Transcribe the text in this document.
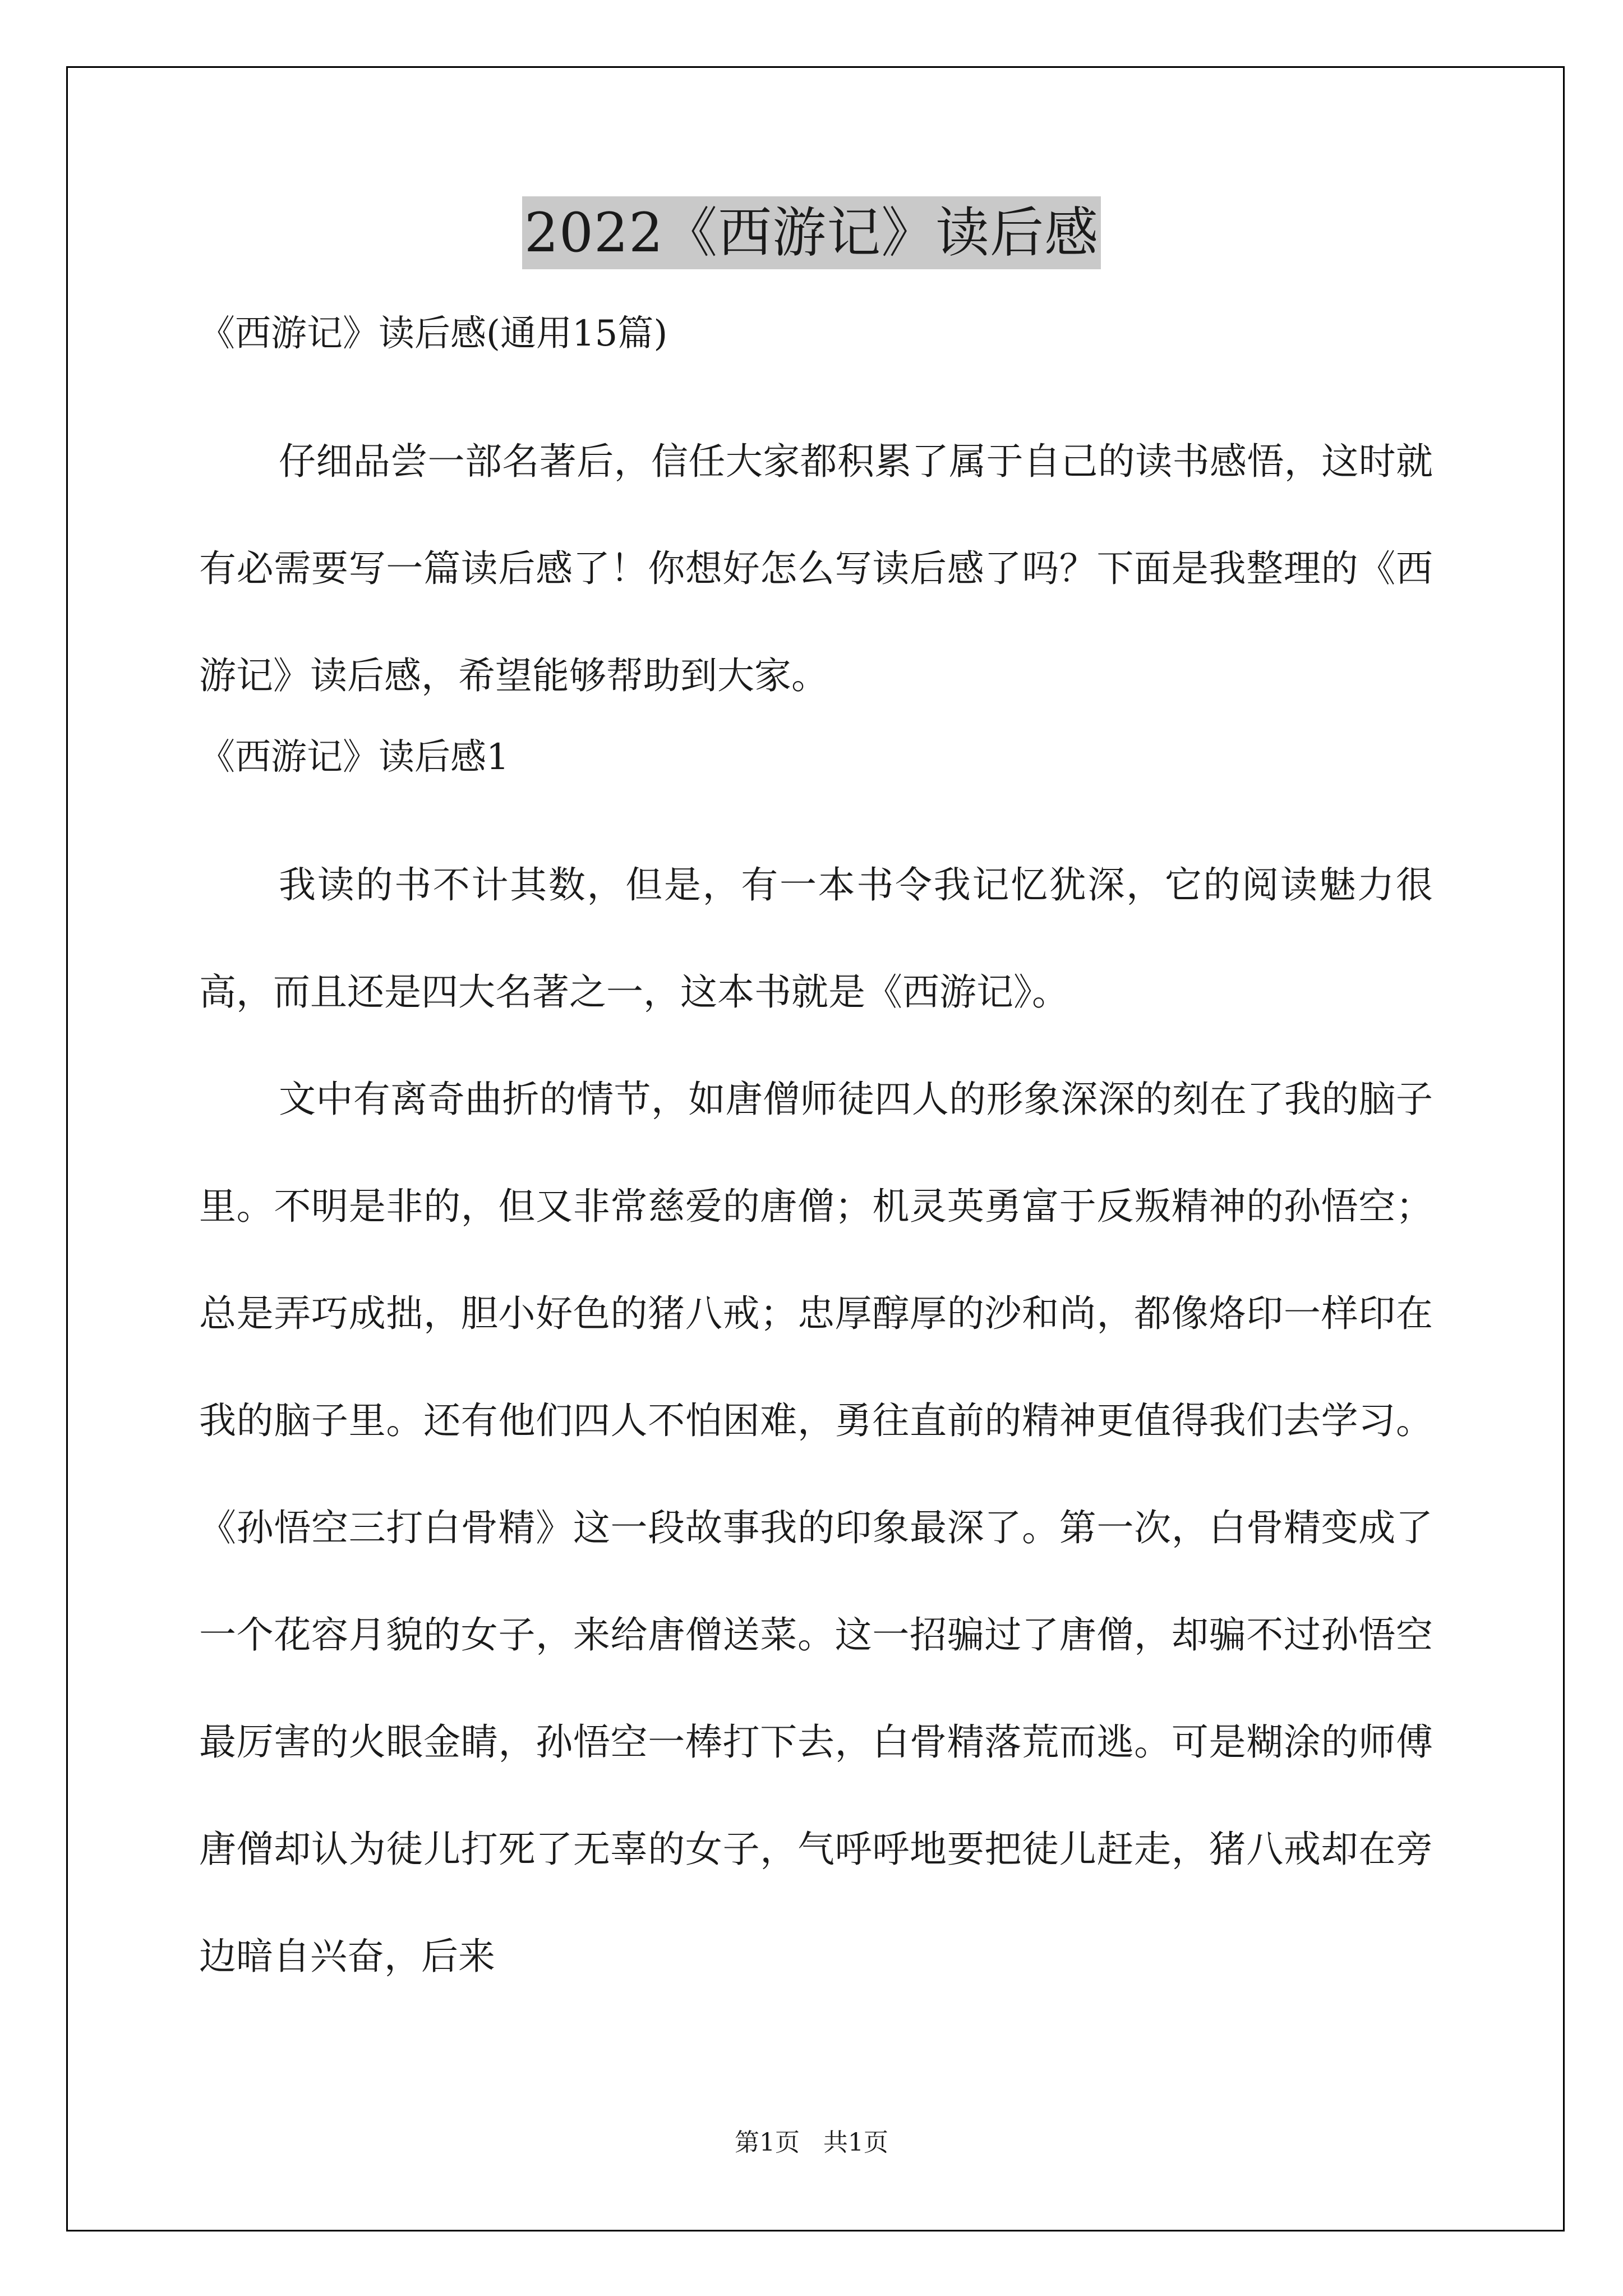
2022《西游记》读后感

《西游记》读后感(通用15篇)

仔细品尝一部名著后，信任大家都积累了属于自己的读书感悟，这时就有必需要写一篇读后感了！你想好怎么写读后感了吗？下面是我整理的《西游记》读后感，希望能够帮助到大家。

《西游记》读后感1

我读的书不计其数，但是，有一本书令我记忆犹深，它的阅读魅力很高，而且还是四大名著之一，这本书就是《西游记》。

文中有离奇曲折的情节，如唐僧师徒四人的形象深深的刻在了我的脑子里。不明是非的，但又非常慈爱的唐僧；机灵英勇富于反叛精神的孙悟空；总是弄巧成拙，胆小好色的猪八戒；忠厚醇厚的沙和尚，都像烙印一样印在我的脑子里。还有他们四人不怕困难，勇往直前的精神更值得我们去学习。《孙悟空三打白骨精》这一段故事我的印象最深了。第一次，白骨精变成了一个花容月貌的女子，来给唐僧送菜。这一招骗过了唐僧，却骗不过孙悟空最厉害的火眼金睛，孙悟空一棒打下去，白骨精落荒而逃。可是糊涂的师傅唐僧却认为徒儿打死了无辜的女子，气呼呼地要把徒儿赶走，猪八戒却在旁边暗自兴奋，后来

第1页   共1页
